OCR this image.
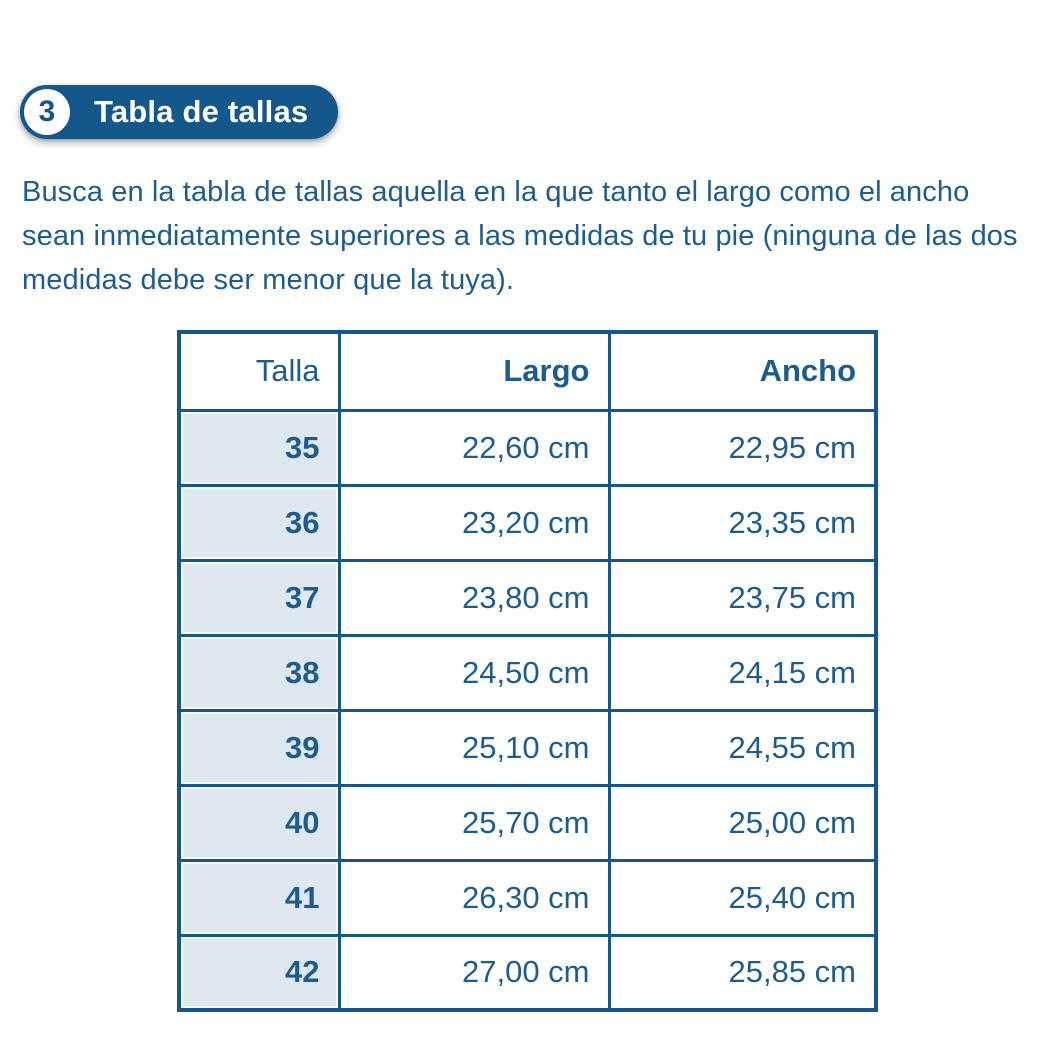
3 Tabla de tallas

Busca en la tabla de tallas aquella en la que tanto el largo como el ancho sean inmediatamente superiores a las medidas de tu pie (ninguna de las dos medidas debe ser menor que la tuya).

Talla	Largo	Ancho
35	22,60 cm	22,95 cm
36	23,20 cm	23,35 cm
37	23,80 cm	23,75 cm
38	24,50 cm	24,15 cm
39	25,10 cm	24,55 cm
40	25,70 cm	25,00 cm
41	26,30 cm	25,40 cm
42	27,00 cm	25,85 cm
